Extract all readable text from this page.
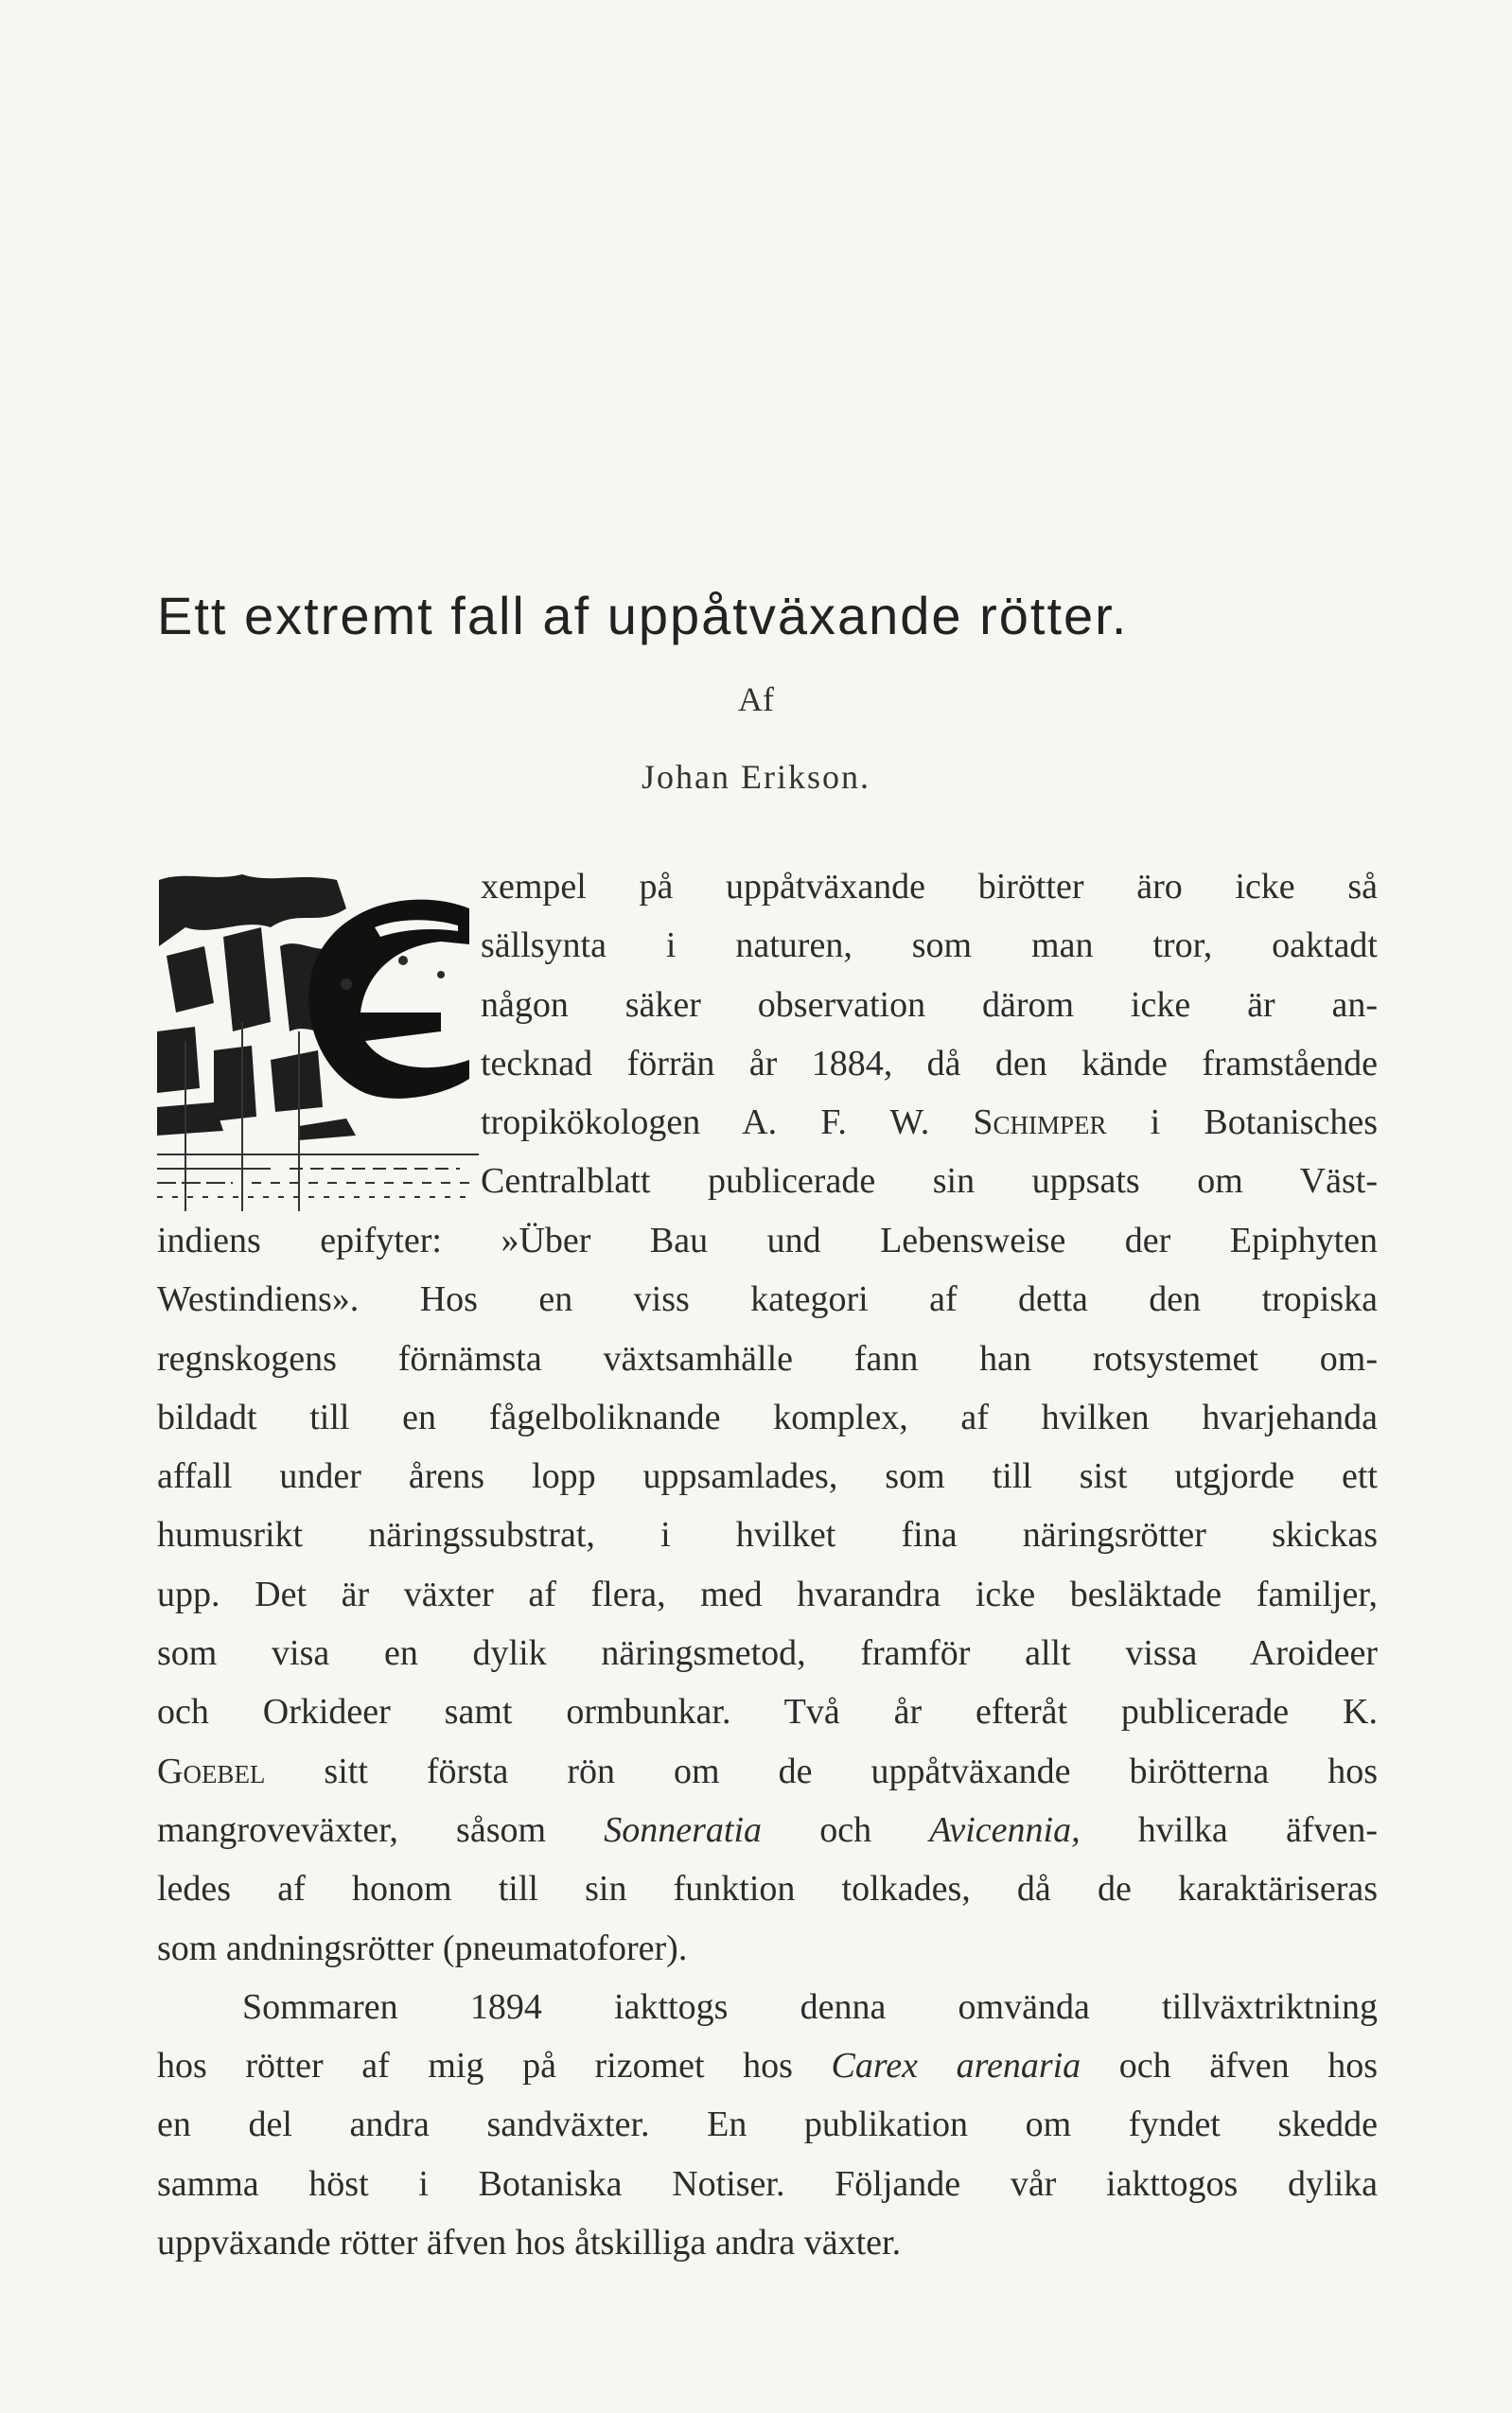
Ett extremt fall af uppåtväxande rötter.
Af
Johan Erikson.
xempel på uppåtväxande birötter äro icke så
sällsynta i naturen, som man tror, oaktadt
någon säker observation därom icke är an-
tecknad förrän år 1884, då den kände framstående
tropikökologen A. F. W. Schimper i Botanisches
Centralblatt publicerade sin uppsats om Väst-
indiens epifyter: »Über Bau und Lebensweise der Epiphyten
Westindiens». Hos en viss kategori af detta den tropiska
regnskogens förnämsta växtsamhälle fann han rotsystemet om-
bildadt till en fågelboliknande komplex, af hvilken hvarjehanda
affall under årens lopp uppsamlades, som till sist utgjorde ett
humusrikt näringssubstrat, i hvilket fina näringsrötter skickas
upp. Det är växter af flera, med hvarandra icke besläktade familjer,
som visa en dylik näringsmetod, framför allt vissa Aroideer
och Orkideer samt ormbunkar. Två år efteråt publicerade K.
Goebel sitt första rön om de uppåtväxande birötterna hos
mangroveväxter, såsom Sonneratia och Avicennia, hvilka äfven-
ledes af honom till sin funktion tolkades, då de karaktäriseras
som andningsrötter (pneumatoforer).
Sommaren 1894 iakttogs denna omvända tillväxtriktning
hos rötter af mig på rizomet hos Carex arenaria och äfven hos
en del andra sandväxter. En publikation om fyndet skedde
samma höst i Botaniska Notiser. Följande vår iakttogos dylika
uppväxande rötter äfven hos åtskilliga andra växter.
